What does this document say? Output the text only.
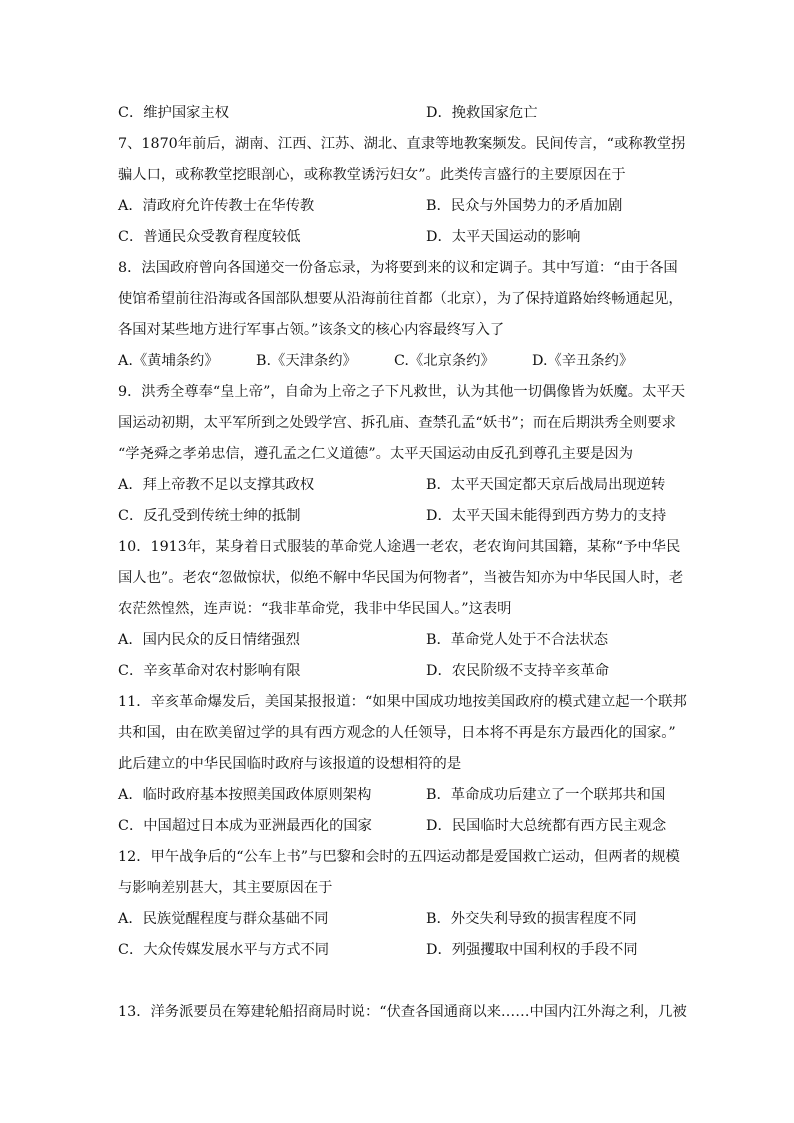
C．维护国家主权	D．挽救国家危亡
7、1870年前后，湖南、江西、江苏、湖北、直隶等地教案频发。民间传言，“或称教堂拐
骗人口，或称教堂挖眼剖心，或称教堂诱污妇女”。此类传言盛行的主要原因在于
A．清政府允许传教士在华传教	B．民众与外国势力的矛盾加剧
C．普通民众受教育程度较低	D．太平天国运动的影响
8．法国政府曾向各国递交一份备忘录，为将要到来的议和定调子。其中写道：“由于各国
使馆希望前往沿海或各国部队想要从沿海前往首都（北京），为了保持道路始终畅通起见，
各国对某些地方进行军事占领。”该条文的核心内容最终写入了
A.《黄埔条约》	B.《天津条约》	C.《北京条约》	D.《辛丑条约》
9．洪秀全尊奉“皇上帝”，自命为上帝之子下凡救世，认为其他一切偶像皆为妖魔。太平天
国运动初期，太平军所到之处毁学宫、拆孔庙、查禁孔孟“妖书”；而在后期洪秀全则要求
“学尧舜之孝弟忠信，遵孔孟之仁义道德”。太平天国运动由反孔到尊孔主要是因为
A．拜上帝教不足以支撑其政权	B．太平天国定都天京后战局出现逆转
C．反孔受到传统士绅的抵制	D．太平天国未能得到西方势力的支持
10．1913年，某身着日式服装的革命党人途遇一老农，老农询问其国籍，某称“予中华民
国人也”。老农“忽做惊状，似绝不解中华民国为何物者”，当被告知亦为中华民国人时，老
农茫然惶然，连声说：“我非革命党，我非中华民国人。”这表明
A．国内民众的反日情绪强烈	B．革命党人处于不合法状态
C．辛亥革命对农村影响有限	D．农民阶级不支持辛亥革命
11．辛亥革命爆发后，美国某报报道：“如果中国成功地按美国政府的模式建立起一个联邦
共和国，由在欧美留过学的具有西方观念的人任领导，日本将不再是东方最西化的国家。”
此后建立的中华民国临时政府与该报道的设想相符的是
A．临时政府基本按照美国政体原则架构	B．革命成功后建立了一个联邦共和国
C．中国超过日本成为亚洲最西化的国家	D．民国临时大总统都有西方民主观念
12．甲午战争后的“公车上书”与巴黎和会时的五四运动都是爱国救亡运动，但两者的规模
与影响差别甚大，其主要原因在于
A．民族觉醒程度与群众基础不同	B．外交失利导致的损害程度不同
C．大众传媒发展水平与方式不同	D．列强攫取中国利权的手段不同
13．洋务派要员在筹建轮船招商局时说：“伏查各国通商以来……中国内江外海之利，几被
